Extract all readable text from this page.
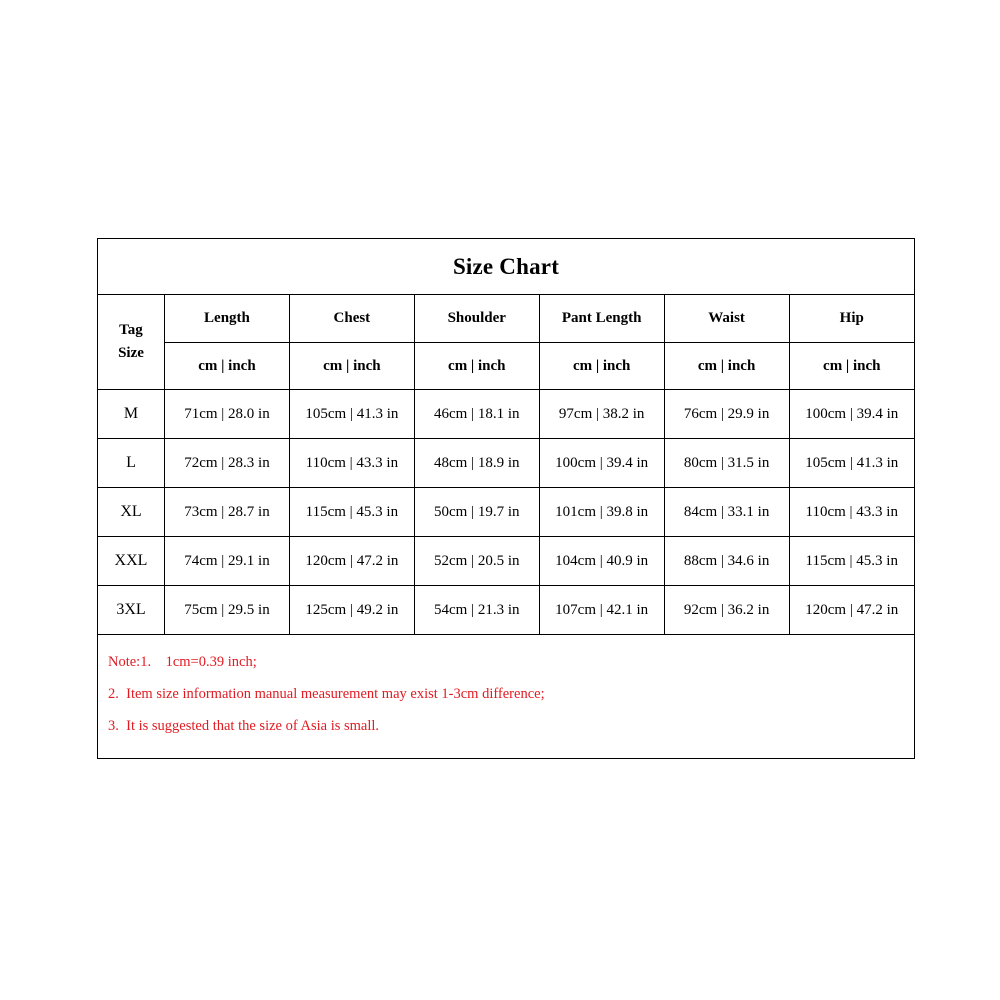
Size Chart
Tag
Size	Length	Chest	Shoulder	Pant Length	Waist	Hip
	cm | inch	cm | inch	cm | inch	cm | inch	cm | inch	cm | inch
M	71cm | 28.0 in	105cm | 41.3 in	46cm | 18.1 in	97cm | 38.2 in	76cm | 29.9 in	100cm | 39.4 in
L	72cm | 28.3 in	110cm | 43.3 in	48cm | 18.9 in	100cm | 39.4 in	80cm | 31.5 in	105cm | 41.3 in
XL	73cm | 28.7 in	115cm | 45.3 in	50cm | 19.7 in	101cm | 39.8 in	84cm | 33.1 in	110cm | 43.3 in
XXL	74cm | 29.1 in	120cm | 47.2 in	52cm | 20.5 in	104cm | 40.9 in	88cm | 34.6 in	115cm | 45.3 in
3XL	75cm | 29.5 in	125cm | 49.2 in	54cm | 21.3 in	107cm | 42.1 in	92cm | 36.2 in	120cm | 47.2 in
Note:1.    1cm=0.39 inch;
2.  Item size information manual measurement may exist 1-3cm difference;
3.  It is suggested that the size of Asia is small.
